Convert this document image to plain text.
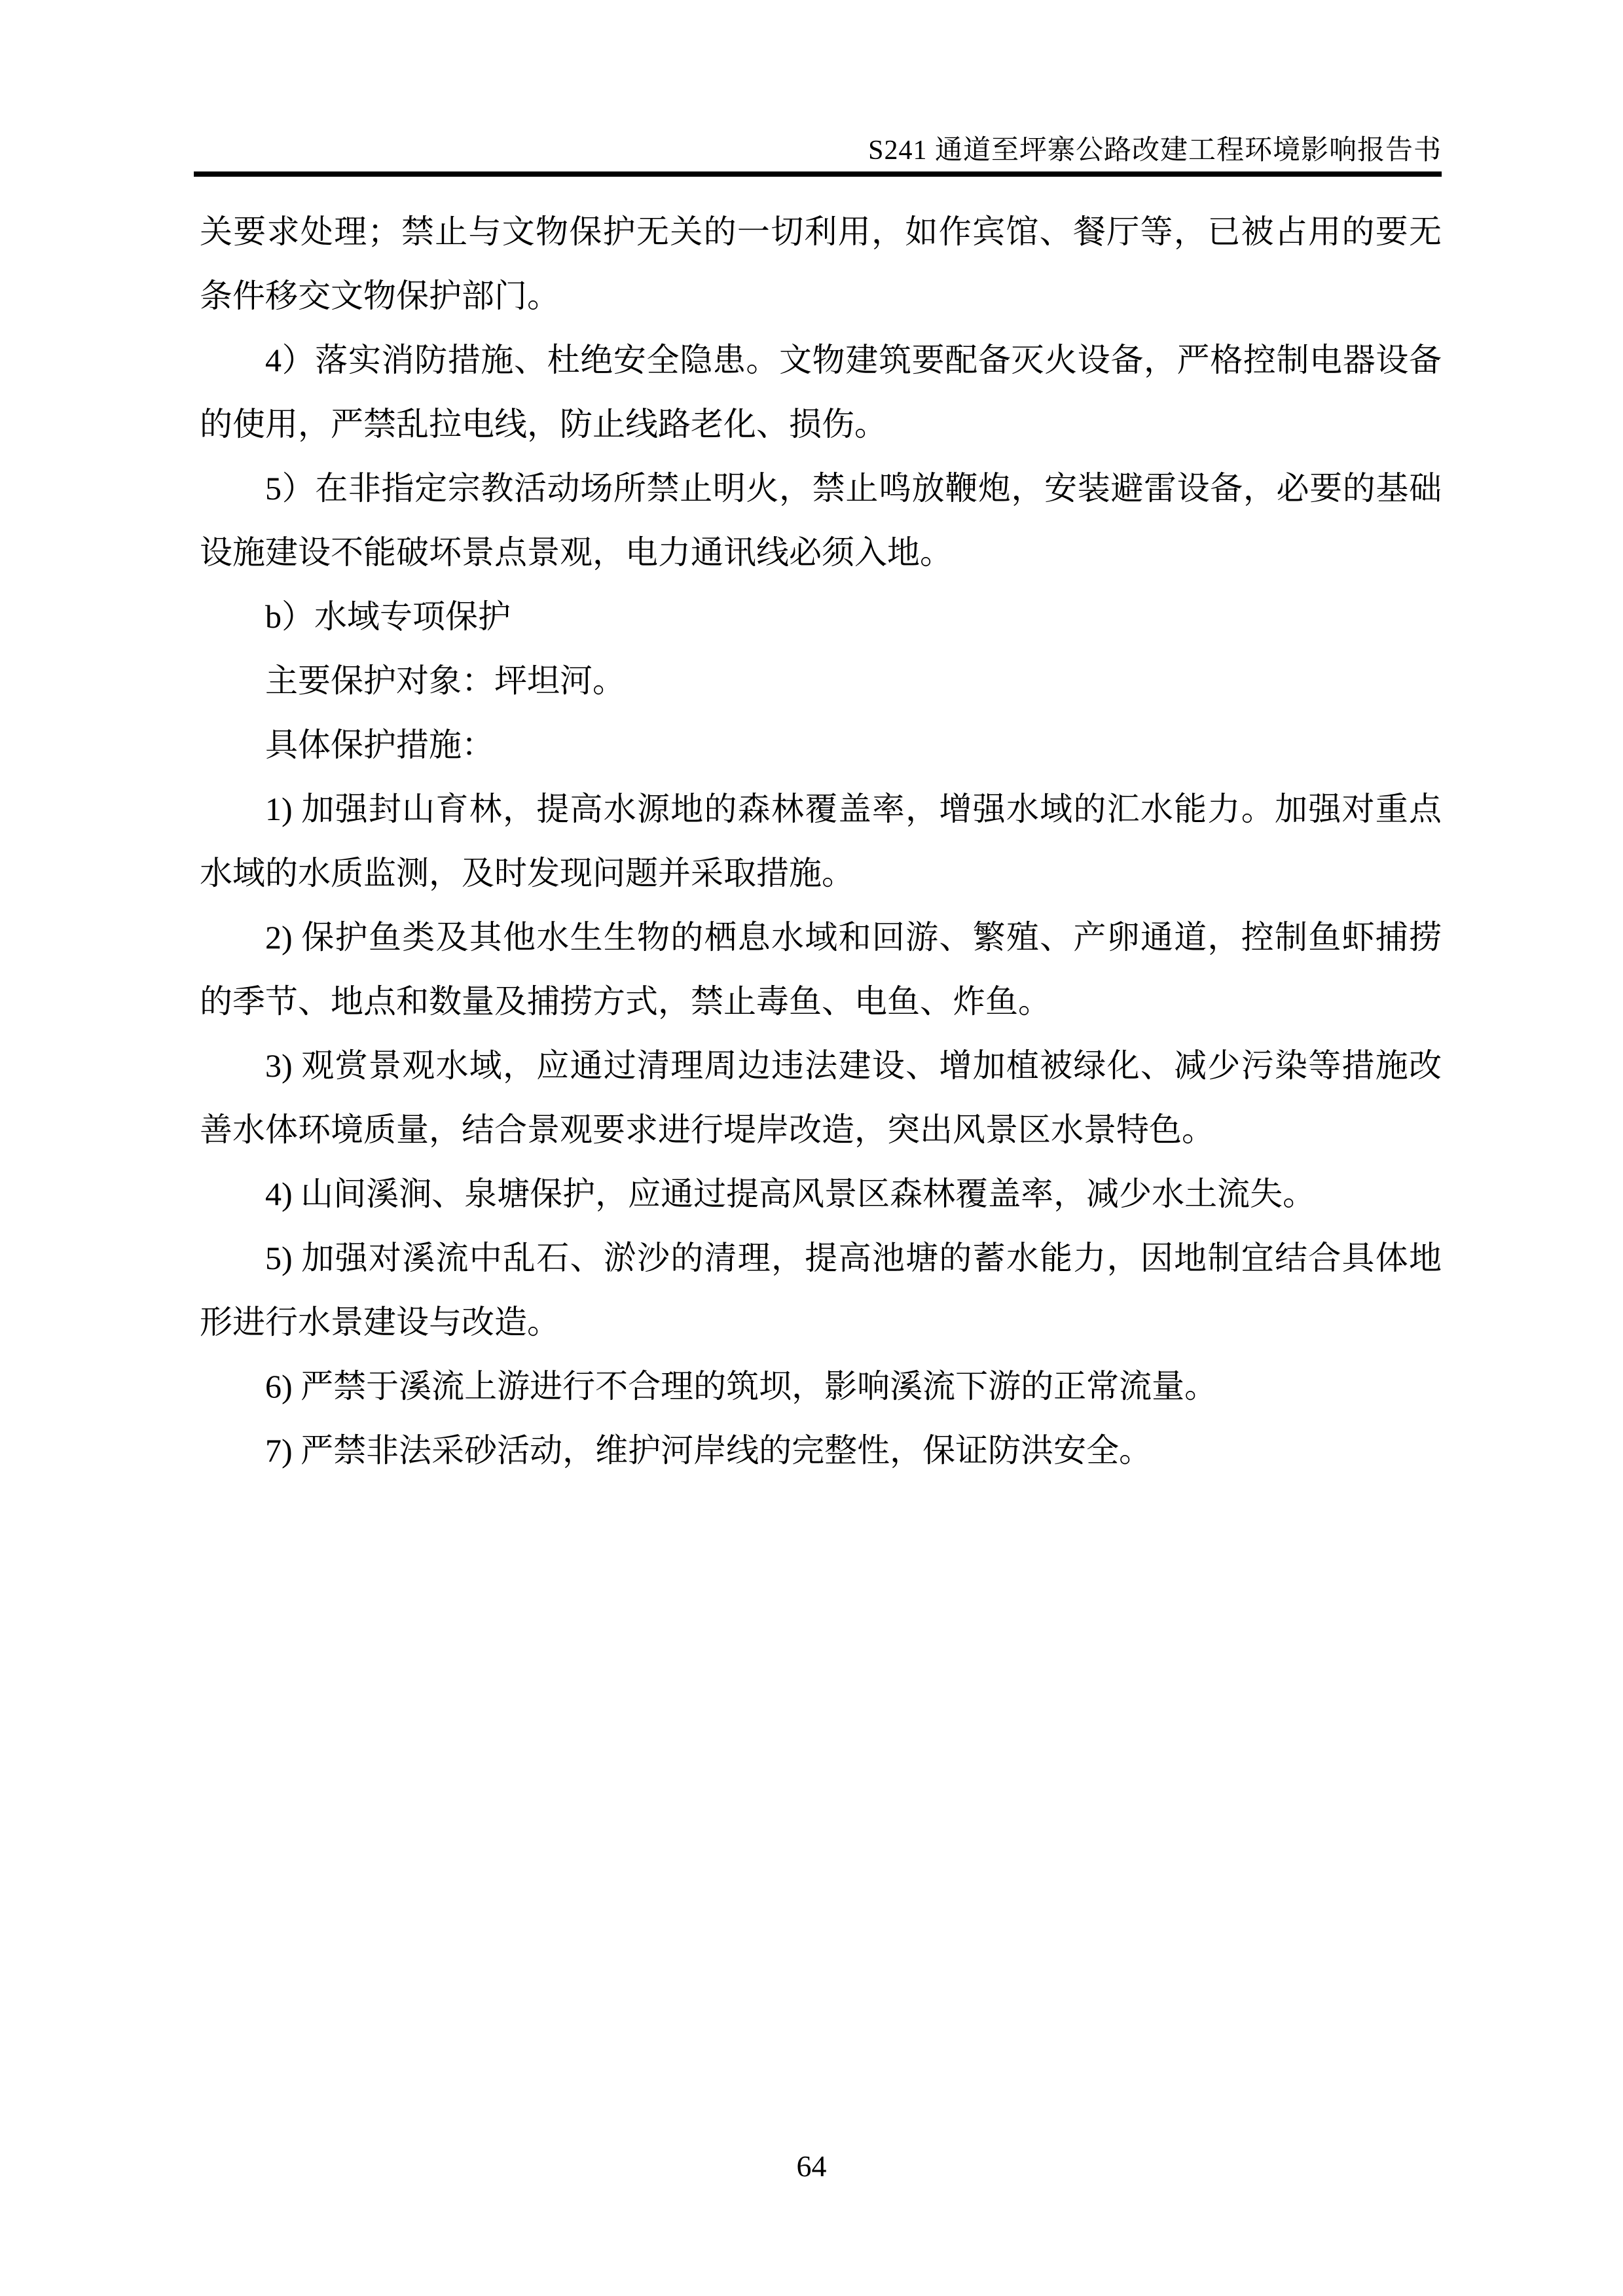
S241 通道至坪寨公路改建工程环境影响报告书

关要求处理；禁止与文物保护无关的一切利用，如作宾馆、餐厅等，已被占用的要无条件移交文物保护部门。

4）落实消防措施、杜绝安全隐患。文物建筑要配备灭火设备，严格控制电器设备的使用，严禁乱拉电线，防止线路老化、损伤。

5）在非指定宗教活动场所禁止明火，禁止鸣放鞭炮，安装避雷设备，必要的基础设施建设不能破坏景点景观，电力通讯线必须入地。

b）水域专项保护

主要保护对象：坪坦河。

具体保护措施：

1) 加强封山育林，提高水源地的森林覆盖率，增强水域的汇水能力。加强对重点水域的水质监测，及时发现问题并采取措施。

2) 保护鱼类及其他水生生物的栖息水域和回游、繁殖、产卵通道，控制鱼虾捕捞的季节、地点和数量及捕捞方式，禁止毒鱼、电鱼、炸鱼。

3) 观赏景观水域，应通过清理周边违法建设、增加植被绿化、减少污染等措施改善水体环境质量，结合景观要求进行堤岸改造，突出风景区水景特色。

4) 山间溪涧、泉塘保护，应通过提高风景区森林覆盖率，减少水土流失。

5) 加强对溪流中乱石、淤沙的清理，提高池塘的蓄水能力，因地制宜结合具体地形进行水景建设与改造。

6) 严禁于溪流上游进行不合理的筑坝，影响溪流下游的正常流量。

7) 严禁非法采砂活动，维护河岸线的完整性，保证防洪安全。

64
